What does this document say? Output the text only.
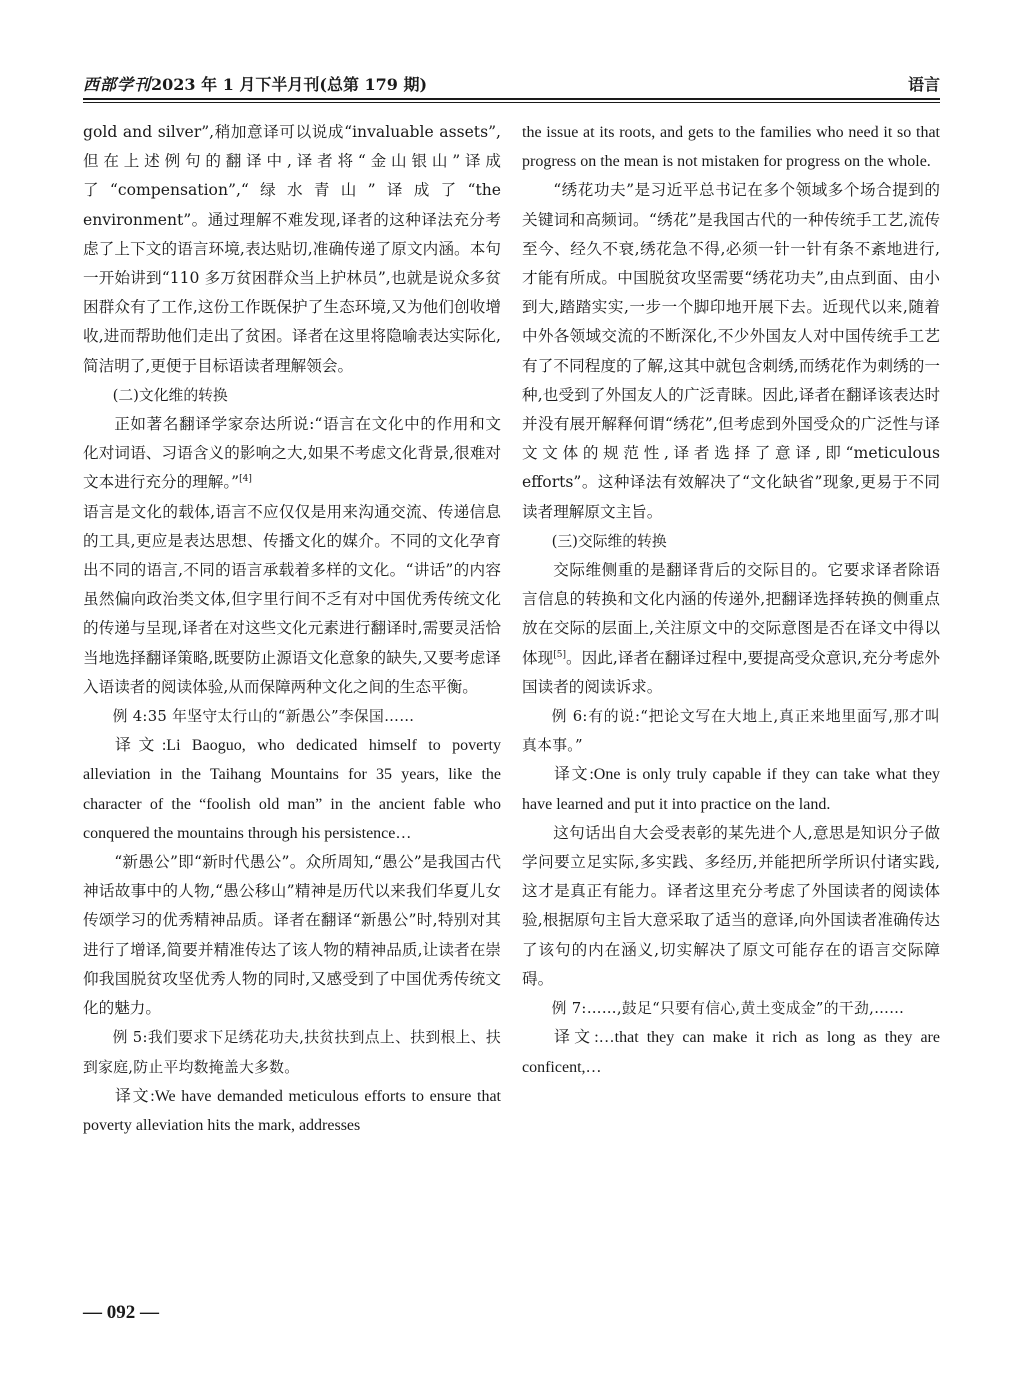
西部学刊2023 年 1 月下半月刊(总第 179 期)	语言

gold and silver”,稍加意译可以说成“invaluable assets”,但在上述例句的翻译中,译者将“金山银山”译成了“compensation”,“绿水青山”译成了“the environment”。通过理解不难发现,译者的这种译法充分考虑了上下文的语言环境,表达贴切,准确传递了原文内涵。本句一开始讲到“110 多万贫困群众当上护林员”,也就是说众多贫困群众有了工作,这份工作既保护了生态环境,又为他们创收增收,进而帮助他们走出了贫困。译者在这里将隐喻表达实际化,简洁明了,更便于目标语读者理解领会。

(二)文化维的转换

正如著名翻译学家奈达所说:“语言在文化中的作用和文化对词语、习语含义的影响之大,如果不考虑文化背景,很难对文本进行充分的理解。”[4]

语言是文化的载体,语言不应仅仅是用来沟通交流、传递信息的工具,更应是表达思想、传播文化的媒介。不同的文化孕育出不同的语言,不同的语言承载着多样的文化。“讲话”的内容虽然偏向政治类文体,但字里行间不乏有对中国优秀传统文化的传递与呈现,译者在对这些文化元素进行翻译时,需要灵活恰当地选择翻译策略,既要防止源语文化意象的缺失,又要考虑译入语读者的阅读体验,从而保障两种文化之间的生态平衡。

例 4:35 年坚守太行山的“新愚公”李保国……

译文:Li Baoguo, who dedicated himself to poverty alleviation in the Taihang Mountains for 35 years, like the character of the “foolish old man” in the ancient fable who conquered the mountains through his persistence…

“新愚公”即“新时代愚公”。众所周知,“愚公”是我国古代神话故事中的人物,“愚公移山”精神是历代以来我们华夏儿女传颂学习的优秀精神品质。译者在翻译“新愚公”时,特别对其进行了增译,简要并精准传达了该人物的精神品质,让读者在崇仰我国脱贫攻坚优秀人物的同时,又感受到了中国优秀传统文化的魅力。

例 5:我们要求下足绣花功夫,扶贫扶到点上、扶到根上、扶到家庭,防止平均数掩盖大多数。

译文:We have demanded meticulous efforts to ensure that poverty alleviation hits the mark, addresses

the issue at its roots, and gets to the families who need it so that progress on the mean is not mistaken for progress on the whole.

“绣花功夫”是习近平总书记在多个领域多个场合提到的关键词和高频词。“绣花”是我国古代的一种传统手工艺,流传至今、经久不衰,绣花急不得,必须一针一针有条不紊地进行,才能有所成。中国脱贫攻坚需要“绣花功夫”,由点到面、由小到大,踏踏实实,一步一个脚印地开展下去。近现代以来,随着中外各领域交流的不断深化,不少外国友人对中国传统手工艺有了不同程度的了解,这其中就包含刺绣,而绣花作为刺绣的一种,也受到了外国友人的广泛青睐。因此,译者在翻译该表达时并没有展开解释何谓“绣花”,但考虑到外国受众的广泛性与译文文体的规范性,译者选择了意译,即“meticulous efforts”。这种译法有效解决了“文化缺省”现象,更易于不同读者理解原文主旨。

(三)交际维的转换

交际维侧重的是翻译背后的交际目的。它要求译者除语言信息的转换和文化内涵的传递外,把翻译选择转换的侧重点放在交际的层面上,关注原文中的交际意图是否在译文中得以体现[5]。因此,译者在翻译过程中,要提高受众意识,充分考虑外国读者的阅读诉求。

例 6:有的说:“把论文写在大地上,真正来地里面写,那才叫真本事。”

译文:One is only truly capable if they can take what they have learned and put it into practice on the land.

这句话出自大会受表彰的某先进个人,意思是知识分子做学问要立足实际,多实践、多经历,并能把所学所识付诸实践,这才是真正有能力。译者这里充分考虑了外国读者的阅读体验,根据原句主旨大意采取了适当的意译,向外国读者准确传达了该句的内在涵义,切实解决了原文可能存在的语言交际障碍。

例 7:……,鼓足“只要有信心,黄土变成金”的干劲,……

译文:…that they can make it rich as long as they are conficent,…

— 092 —
